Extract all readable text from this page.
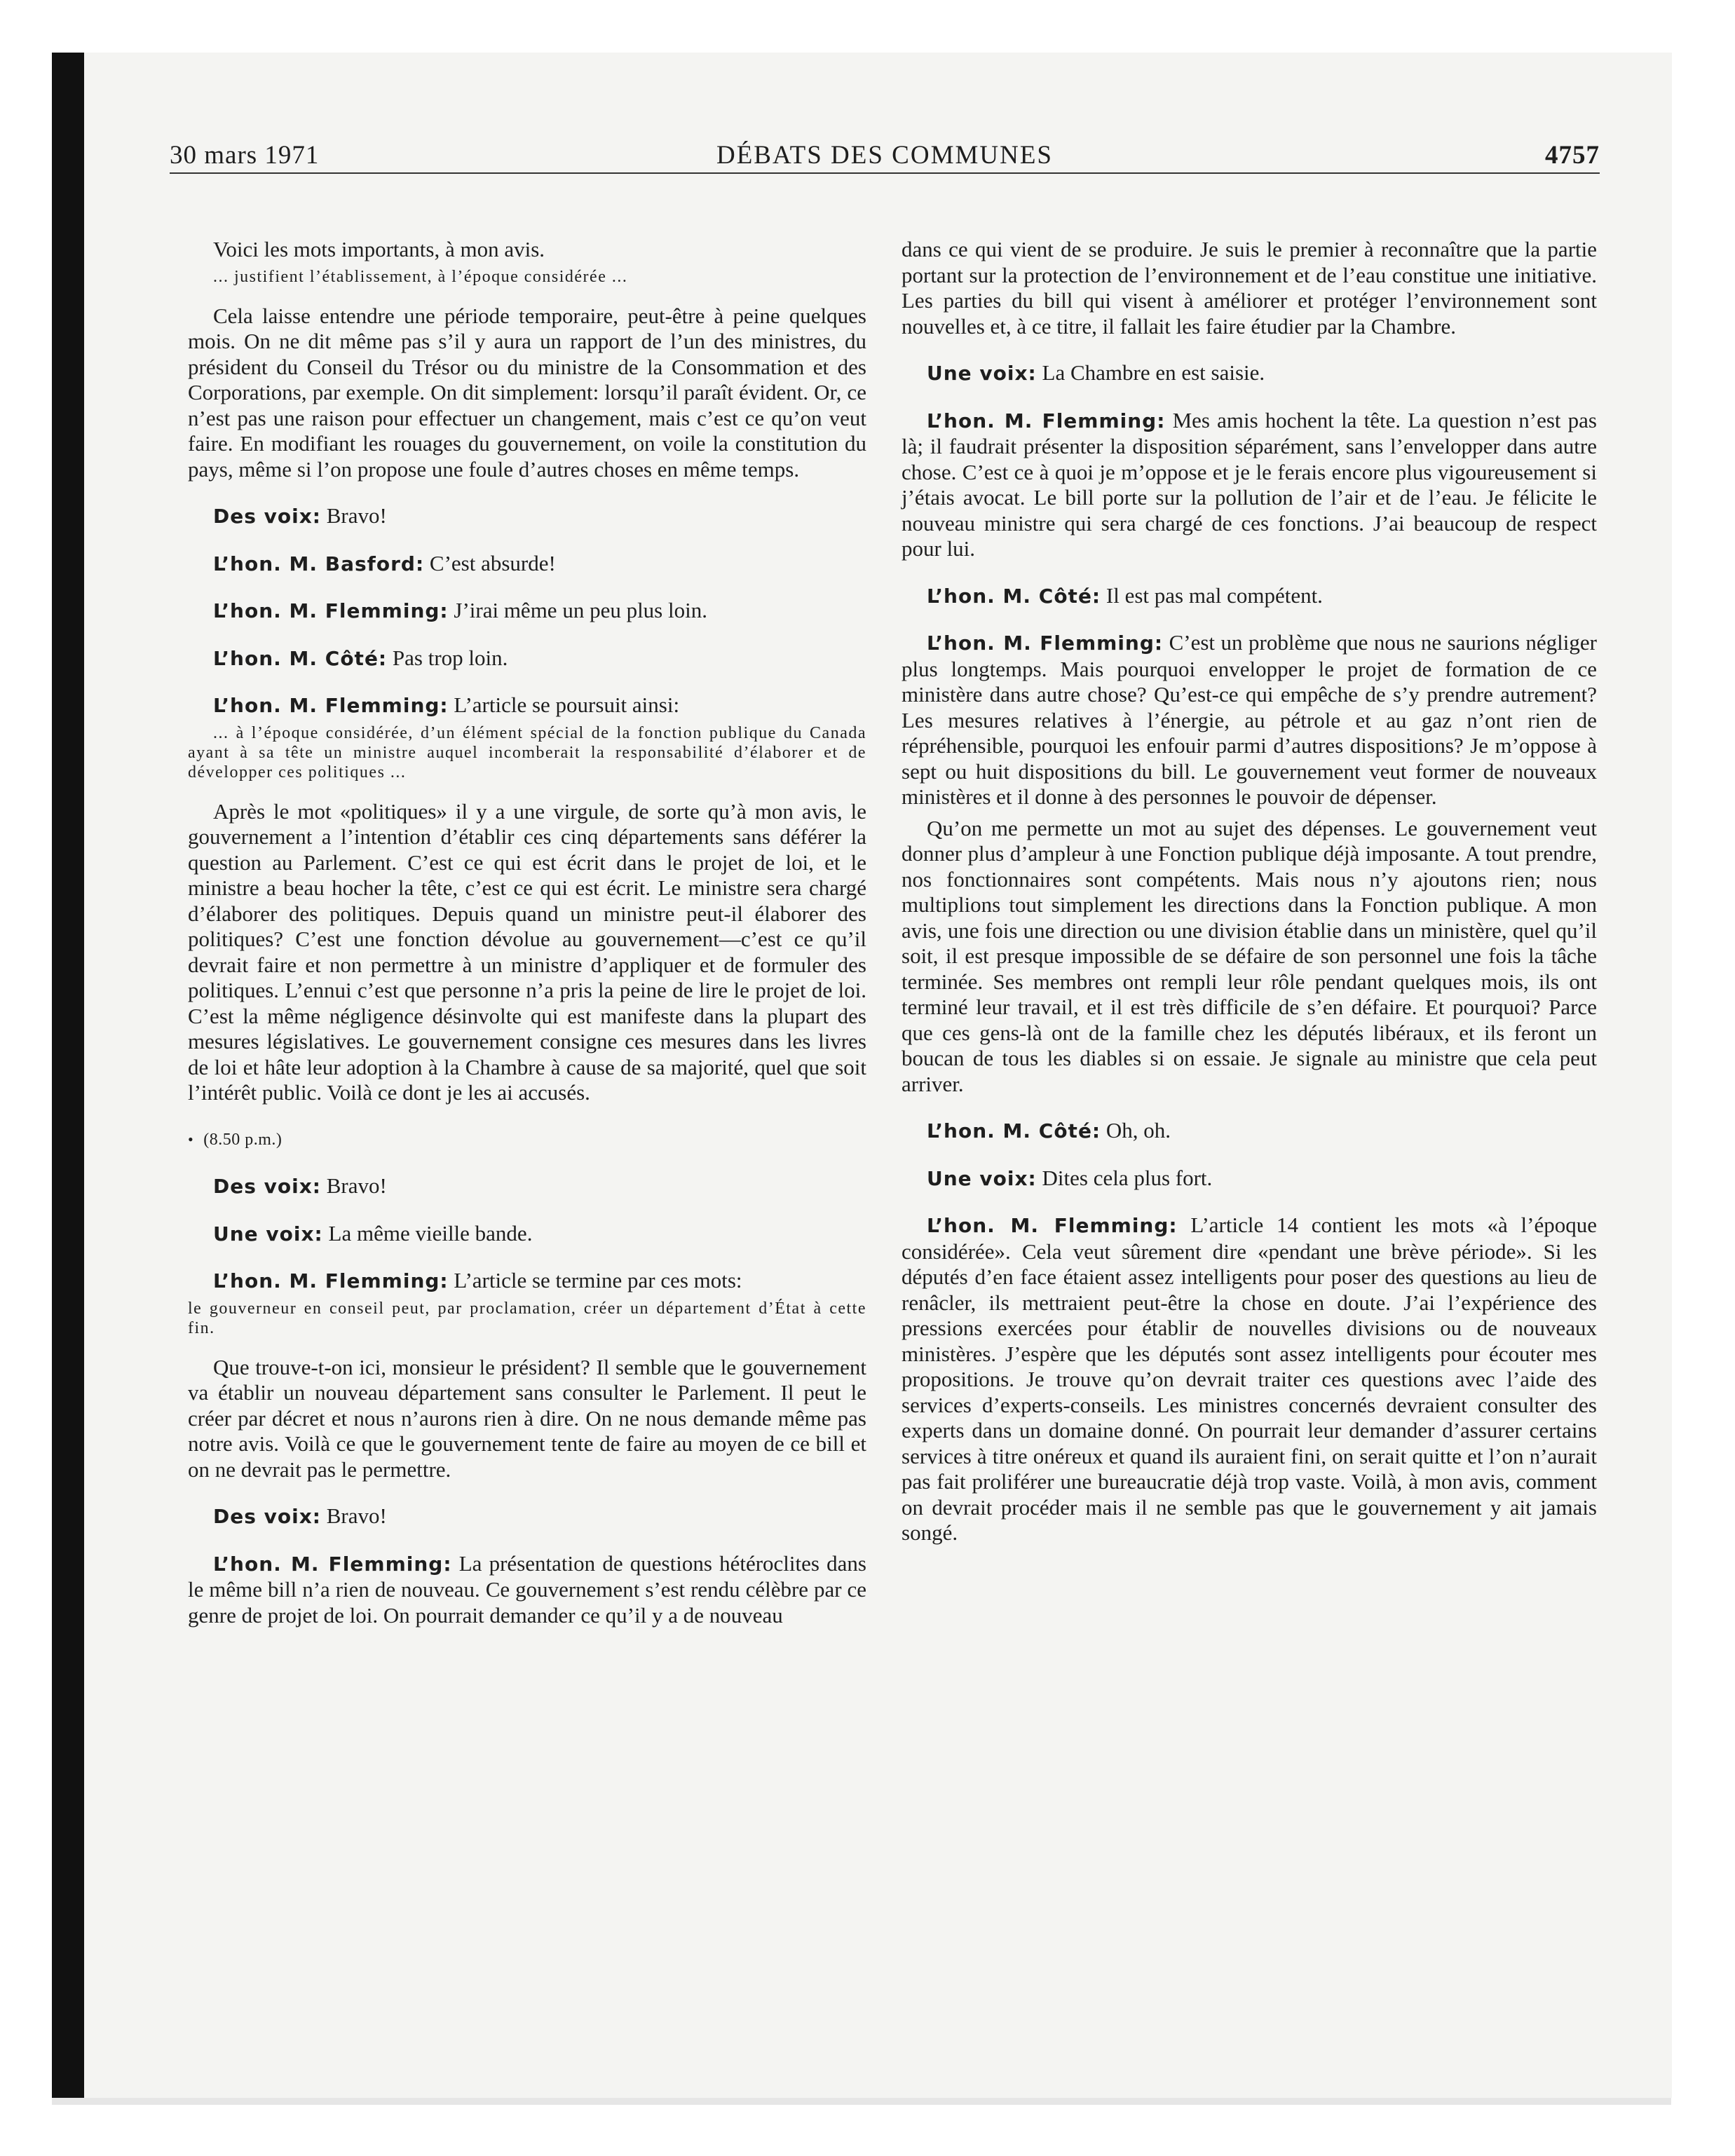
30 mars 1971	DÉBATS DES COMMUNES	4757

Voici les mots importants, à mon avis.

... justifient l’établissement, à l’époque considérée ...

Cela laisse entendre une période temporaire, peut-être à peine quelques mois. On ne dit même pas s’il y aura un rapport de l’un des ministres, du président du Conseil du Trésor ou du ministre de la Consommation et des Corporations, par exemple. On dit simplement: lorsqu’il paraît évident. Or, ce n’est pas une raison pour effectuer un changement, mais c’est ce qu’on veut faire. En modifiant les rouages du gouvernement, on voile la constitution du pays, même si l’on propose une foule d’autres choses en même temps.

Des voix: Bravo!

L’hon. M. Basford: C’est absurde!

L’hon. M. Flemming: J’irai même un peu plus loin.

L’hon. M. Côté: Pas trop loin.

L’hon. M. Flemming: L’article se poursuit ainsi:

... à l’époque considérée, d’un élément spécial de la fonction publique du Canada ayant à sa tête un ministre auquel incomberait la responsabilité d’élaborer et de développer ces politiques ...

Après le mot «politiques» il y a une virgule, de sorte qu’à mon avis, le gouvernement a l’intention d’établir ces cinq départements sans déférer la question au Parlement. C’est ce qui est écrit dans le projet de loi, et le ministre a beau hocher la tête, c’est ce qui est écrit. Le ministre sera chargé d’élaborer des politiques. Depuis quand un ministre peut-il élaborer des politiques? C’est une fonction dévolue au gouvernement—c’est ce qu’il devrait faire et non permettre à un ministre d’appliquer et de formuler des politiques. L’ennui c’est que personne n’a pris la peine de lire le projet de loi. C’est la même négligence désinvolte qui est manifeste dans la plupart des mesures législatives. Le gouvernement consigne ces mesures dans les livres de loi et hâte leur adoption à la Chambre à cause de sa majorité, quel que soit l’intérêt public. Voilà ce dont je les ai accusés.

• (8.50 p.m.)

Des voix: Bravo!

Une voix: La même vieille bande.

L’hon. M. Flemming: L’article se termine par ces mots:

le gouverneur en conseil peut, par proclamation, créer un département d’État à cette fin.

Que trouve-t-on ici, monsieur le président? Il semble que le gouvernement va établir un nouveau département sans consulter le Parlement. Il peut le créer par décret et nous n’aurons rien à dire. On ne nous demande même pas notre avis. Voilà ce que le gouvernement tente de faire au moyen de ce bill et on ne devrait pas le permettre.

Des voix: Bravo!

L’hon. M. Flemming: La présentation de questions hétéroclites dans le même bill n’a rien de nouveau. Ce gouvernement s’est rendu célèbre par ce genre de projet de loi. On pourrait demander ce qu’il y a de nouveau

dans ce qui vient de se produire. Je suis le premier à reconnaître que la partie portant sur la protection de l’environnement et de l’eau constitue une initiative. Les parties du bill qui visent à améliorer et protéger l’environnement sont nouvelles et, à ce titre, il fallait les faire étudier par la Chambre.

Une voix: La Chambre en est saisie.

L’hon. M. Flemming: Mes amis hochent la tête. La question n’est pas là; il faudrait présenter la disposition séparément, sans l’envelopper dans autre chose. C’est ce à quoi je m’oppose et je le ferais encore plus vigoureusement si j’étais avocat. Le bill porte sur la pollution de l’air et de l’eau. Je félicite le nouveau ministre qui sera chargé de ces fonctions. J’ai beaucoup de respect pour lui.

L’hon. M. Côté: Il est pas mal compétent.

L’hon. M. Flemming: C’est un problème que nous ne saurions négliger plus longtemps. Mais pourquoi envelopper le projet de formation de ce ministère dans autre chose? Qu’est-ce qui empêche de s’y prendre autrement? Les mesures relatives à l’énergie, au pétrole et au gaz n’ont rien de répréhensible, pourquoi les enfouir parmi d’autres dispositions? Je m’oppose à sept ou huit dispositions du bill. Le gouvernement veut former de nouveaux ministères et il donne à des personnes le pouvoir de dépenser.

Qu’on me permette un mot au sujet des dépenses. Le gouvernement veut donner plus d’ampleur à une Fonction publique déjà imposante. A tout prendre, nos fonctionnaires sont compétents. Mais nous n’y ajoutons rien; nous multiplions tout simplement les directions dans la Fonction publique. A mon avis, une fois une direction ou une division établie dans un ministère, quel qu’il soit, il est presque impossible de se défaire de son personnel une fois la tâche terminée. Ses membres ont rempli leur rôle pendant quelques mois, ils ont terminé leur travail, et il est très difficile de s’en défaire. Et pourquoi? Parce que ces gens-là ont de la famille chez les députés libéraux, et ils feront un boucan de tous les diables si on essaie. Je signale au ministre que cela peut arriver.

L’hon. M. Côté: Oh, oh.

Une voix: Dites cela plus fort.

L’hon. M. Flemming: L’article 14 contient les mots «à l’époque considérée». Cela veut sûrement dire «pendant une brève période». Si les députés d’en face étaient assez intelligents pour poser des questions au lieu de renâcler, ils mettraient peut-être la chose en doute. J’ai l’expérience des pressions exercées pour établir de nouvelles divisions ou de nouveaux ministères. J’espère que les députés sont assez intelligents pour écouter mes propositions. Je trouve qu’on devrait traiter ces questions avec l’aide des services d’experts-conseils. Les ministres concernés devraient consulter des experts dans un domaine donné. On pourrait leur demander d’assurer certains services à titre onéreux et quand ils auraient fini, on serait quitte et l’on n’aurait pas fait proliférer une bureaucratie déjà trop vaste. Voilà, à mon avis, comment on devrait procéder mais il ne semble pas que le gouvernement y ait jamais songé.
